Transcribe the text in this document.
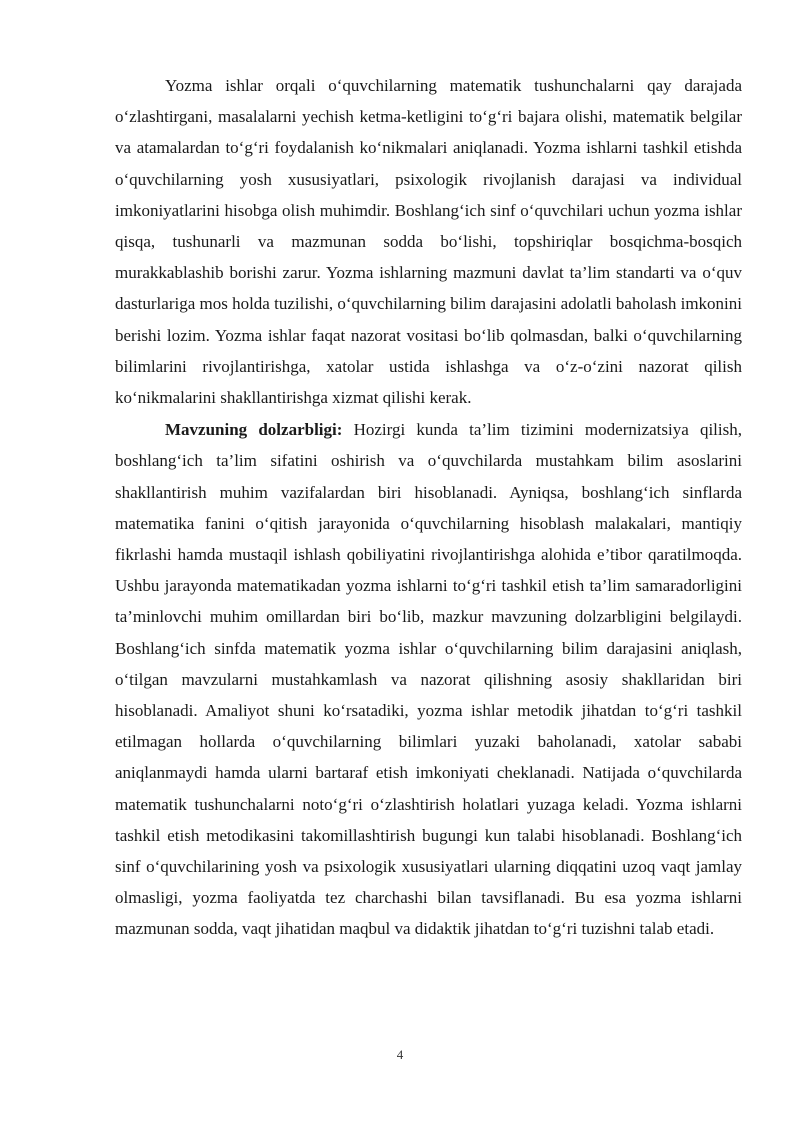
Yozma ishlar orqali o‘quvchilarning matematik tushunchalarni qay darajada o‘zlashtirgani, masalalarni yechish ketma-ketligini to‘g‘ri bajara olishi, matematik belgilar va atamalardan to‘g‘ri foydalanish ko‘nikmalari aniqlanadi. Yozma ishlarni tashkil etishda o‘quvchilarning yosh xususiyatlari, psixologik rivojlanish darajasi va individual imkoniyatlarini hisobga olish muhimdir. Boshlang‘ich sinf o‘quvchilari uchun yozma ishlar qisqa, tushunarli va mazmunan sodda bo‘lishi, topshiriqlar bosqichma-bosqich murakkablashib borishi zarur. Yozma ishlarning mazmuni davlat ta’lim standarti va o‘quv dasturlariga mos holda tuzilishi, o‘quvchilarning bilim darajasini adolatli baholash imkonini berishi lozim. Yozma ishlar faqat nazorat vositasi bo‘lib qolmasdan, balki o‘quvchilarning bilimlarini rivojlantirishga, xatolar ustida ishlashga va o‘z-o‘zini nazorat qilish ko‘nikmalarini shakllantirishga xizmat qilishi kerak.

Mavzuning dolzarbligi: Hozirgi kunda ta’lim tizimini modernizatsiya qilish, boshlang‘ich ta’lim sifatini oshirish va o‘quvchilarda mustahkam bilim asoslarini shakllantirish muhim vazifalardan biri hisoblanadi. Ayniqsa, boshlang‘ich sinflarda matematika fanini o‘qitish jarayonida o‘quvchilarning hisoblash malakalari, mantiqiy fikrlashi hamda mustaqil ishlash qobiliyatini rivojlantirishga alohida e’tibor qaratilmoqda. Ushbu jarayonda matematikadan yozma ishlarni to‘g‘ri tashkil etish ta’lim samaradorligini ta’minlovchi muhim omillardan biri bo‘lib, mazkur mavzuning dolzarbligini belgilaydi. Boshlang‘ich sinfda matematik yozma ishlar o‘quvchilarning bilim darajasini aniqlash, o‘tilgan mavzularni mustahkamlash va nazorat qilishning asosiy shakllaridan biri hisoblanadi. Amaliyot shuni ko‘rsatadiki, yozma ishlar metodik jihatdan to‘g‘ri tashkil etilmagan hollarda o‘quvchilarning bilimlari yuzaki baholanadi, xatolar sababi aniqlanmaydi hamda ularni bartaraf etish imkoniyati cheklanadi. Natijada o‘quvchilarda matematik tushunchalarni noto‘g‘ri o‘zlashtirish holatlari yuzaga keladi. Yozma ishlarni tashkil etish metodikasini takomillashtirish bugungi kun talabi hisoblanadi. Boshlang‘ich sinf o‘quvchilarining yosh va psixologik xususiyatlari ularning diqqatini uzoq vaqt jamlay olmasligi, yozma faoliyatda tez charchashi bilan tavsiflanadi. Bu esa yozma ishlarni mazmunan sodda, vaqt jihatidan maqbul va didaktik jihatdan to‘g‘ri tuzishni talab etadi.

4
